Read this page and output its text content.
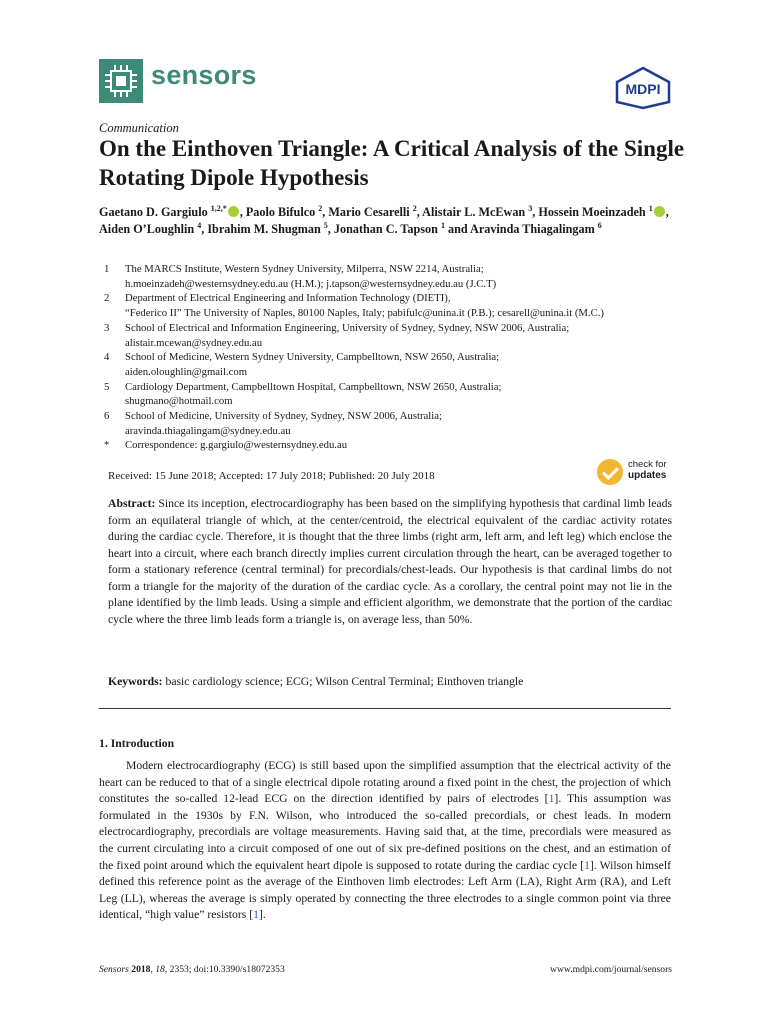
sensors	MDPI
Communication
On the Einthoven Triangle: A Critical Analysis of the Single Rotating Dipole Hypothesis
Gaetano D. Gargiulo $^{1,2,*}$ , Paolo Bifulco $^2$, Mario Cesarelli $^2$, Alistair L. McEwan $^3$, Hossein Moeinzadeh $^1$ , Aiden O’Loughlin $^4$, Ibrahim M. Shugman $^5$, Jonathan C. Tapson $^1$ and Aravinda Thiagalingam $^6$
1	The MARCS Institute, Western Sydney University, Milperra, NSW 2214, Australia;
h.moeinzadeh@westernsydney.edu.au (H.M.); j.tapson@westernsydney.edu.au (J.C.T)
2	Department of Electrical Engineering and Information Technology (DIETI),
“Federico II” The University of Naples, 80100 Naples, Italy; pabifulc@unina.it (P.B.); cesarell@unina.it (M.C.)
3	School of Electrical and Information Engineering, University of Sydney, Sydney, NSW 2006, Australia;
alistair.mcewan@sydney.edu.au
4	School of Medicine, Western Sydney University, Campbelltown, NSW 2650, Australia;
aiden.oloughlin@gmail.com
5	Cardiology Department, Campbelltown Hospital, Campbelltown, NSW 2650, Australia;
shugmano@hotmail.com
6	School of Medicine, University of Sydney, Sydney, NSW 2006, Australia;
aravinda.thiagalingam@sydney.edu.au
*	Correspondence: g.gargiulo@westernsydney.edu.au
Received: 15 June 2018; Accepted: 17 July 2018; Published: 20 July 2018
check for
updates
Abstract: Since its inception, electrocardiography has been based on the simplifying hypothesis that cardinal limb leads form an equilateral triangle of which, at the center/centroid, the electrical equivalent of the cardiac activity rotates during the cardiac cycle. Therefore, it is thought that the three limbs (right arm, left arm, and left leg) which enclose the heart into a circuit, where each branch directly implies current circulation through the heart, can be averaged together to form a stationary reference (central terminal) for precordials/chest-leads. Our hypothesis is that cardinal limbs do not form a triangle for the majority of the duration of the cardiac cycle. As a corollary, the central point may not lie in the plane identified by the limb leads. Using a simple and efficient algorithm, we demonstrate that the portion of the cardiac cycle where the three limb leads form a triangle is, on average less, than 50%.
Keywords: basic cardiology science; ECG; Wilson Central Terminal; Einthoven triangle
1. Introduction
Modern electrocardiography (ECG) is still based upon the simplified assumption that the electrical activity of the heart can be reduced to that of a single electrical dipole rotating around a fixed point in the chest, the projection of which constitutes the so-called 12-lead ECG on the direction identified by pairs of electrodes [1]. This assumption was formulated in the 1930s by F.N. Wilson, who introduced the so-called precordials, or chest leads. In modern electrocardiography, precordials are voltage measurements. Having said that, at the time, precordials were measured as the current circulating into a circuit composed of one out of six pre-defined positions on the chest, and an estimation of the fixed point around which the equivalent heart dipole is supposed to rotate during the cardiac cycle [1]. Wilson himself defined this reference point as the average of the Einthoven limb electrodes: Left Arm (LA), Right Arm (RA), and Left Leg (LL), whereas the average is simply operated by connecting the three electrodes to a single common point via three identical, “high value” resistors [1].
Sensors 2018, 18, 2353; doi:10.3390/s18072353	www.mdpi.com/journal/sensors
